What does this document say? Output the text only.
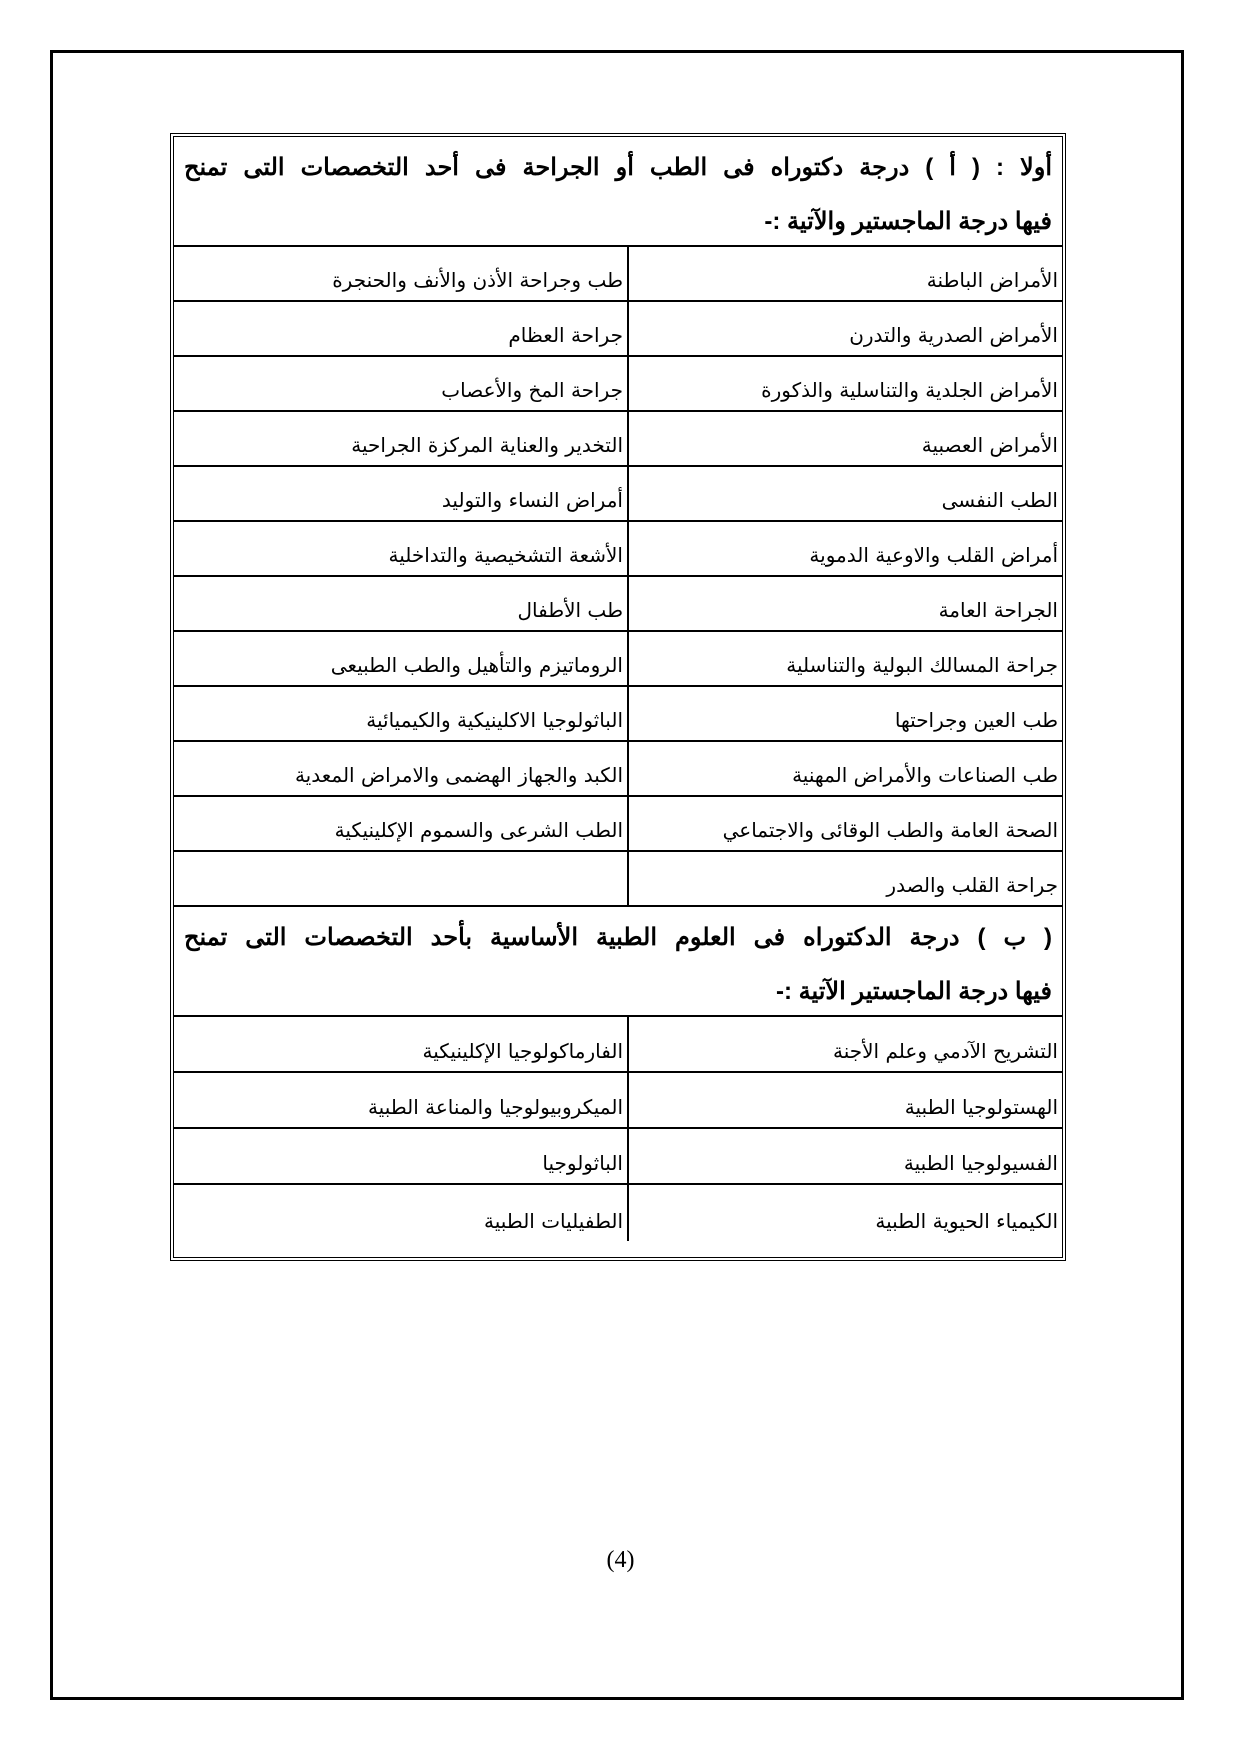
أولا : ( أ ) درجة دكتوراه فى الطب أو الجراحة فى أحد التخصصات التى تمنح
فيها درجة الماجستير والآتية :-
الأمراض الباطنة
طب وجراحة الأذن والأنف والحنجرة
الأمراض الصدرية والتدرن
جراحة العظام
الأمراض الجلدية والتناسلية والذكورة
جراحة المخ والأعصاب
الأمراض العصبية
التخدير والعناية المركزة الجراحية
الطب النفسى
أمراض النساء والتوليد
أمراض القلب والاوعية الدموية
الأشعة التشخيصية والتداخلية
الجراحة العامة
طب الأطفال
جراحة المسالك البولية والتناسلية
الروماتيزم والتأهيل والطب الطبيعى
طب العين وجراحتها
الباثولوجيا الاكلينيكية والكيميائية
طب الصناعات والأمراض المهنية
الكبد والجهاز الهضمى والامراض المعدية
الصحة العامة والطب الوقائى والاجتماعي
الطب الشرعى والسموم الإكلينيكية
جراحة القلب والصدر
( ب ) درجة الدكتوراه فى العلوم الطبية الأساسية بأحد التخصصات التى تمنح
فيها درجة الماجستير الآتية :-
التشريح الآدمي وعلم الأجنة
الفارماكولوجيا الإكلينيكية
الهستولوجيا الطبية
الميكروبيولوجيا والمناعة الطبية
الفسيولوجيا الطبية
الباثولوجيا
الكيمياء الحيوية الطبية
الطفيليات الطبية
(4)
